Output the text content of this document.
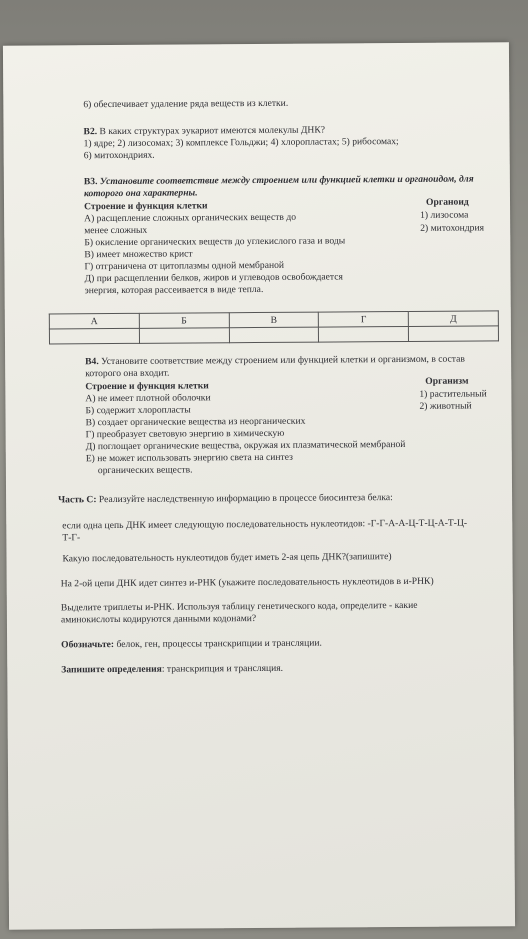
6) обеспечивает удаление ряда веществ из клетки.
В2. В каких структурах эукариот имеются молекулы ДНК?
1) ядре; 2) лизосомах; 3) комплексе Гольджи; 4) хлоропластах; 5) рибосомах;
6) митохондриях.
В3. Установите соответствие между строением или функцией клетки и органоидом, для
которого она характерны.
Строение и функция клетки	Органоид
А) расщепление сложных органических веществ до
менее сложных
Б) окисление органических веществ до углекислого газа и воды
В) имеет множество крист
Г) отграничена от цитоплазмы одной мембраной
Д) при расщеплении белков, жиров и углеводов освобождается
энергия, которая рассеивается в виде тепла.
1) лизосома
2) митохондрия
А	Б	В	Г	Д

В4. Установите соответствие между строением или функцией клетки и организмом, в состав
которого она входит.
Строение и функция клетки	Организм
А) не имеет плотной оболочки
Б) содержит хлоропласты
В) создает органические вещества из неорганических
Г) преобразует световую энергию в химическую
Д) поглощает органические вещества, окружая их плазматической мембраной
Е) не может использовать энергию света на синтез
органических веществ.
1) растительный
2) животный
Часть С: Реализуйте наследственную информацию в процессе биосинтеза белка:
если одна цепь ДНК имеет следующую последовательность нуклеотидов: -Г-Г-А-А-Ц-Т-Ц-А-Т-Ц-
Т-Г-
Какую последовательность нуклеотидов будет иметь 2-ая цепь ДНК?(запишите)
На 2-ой цепи ДНК идет синтез и-РНК (укажите последовательность нуклеотидов в и-РНК)
Выделите триплеты и-РНК. Используя таблицу генетического кода, определите - какие
аминокислоты кодируются данными кодонами?
Обозначьте: белок, ген, процессы транскрипции и трансляции.
Запишите определения: транскрипция и трансляция.
